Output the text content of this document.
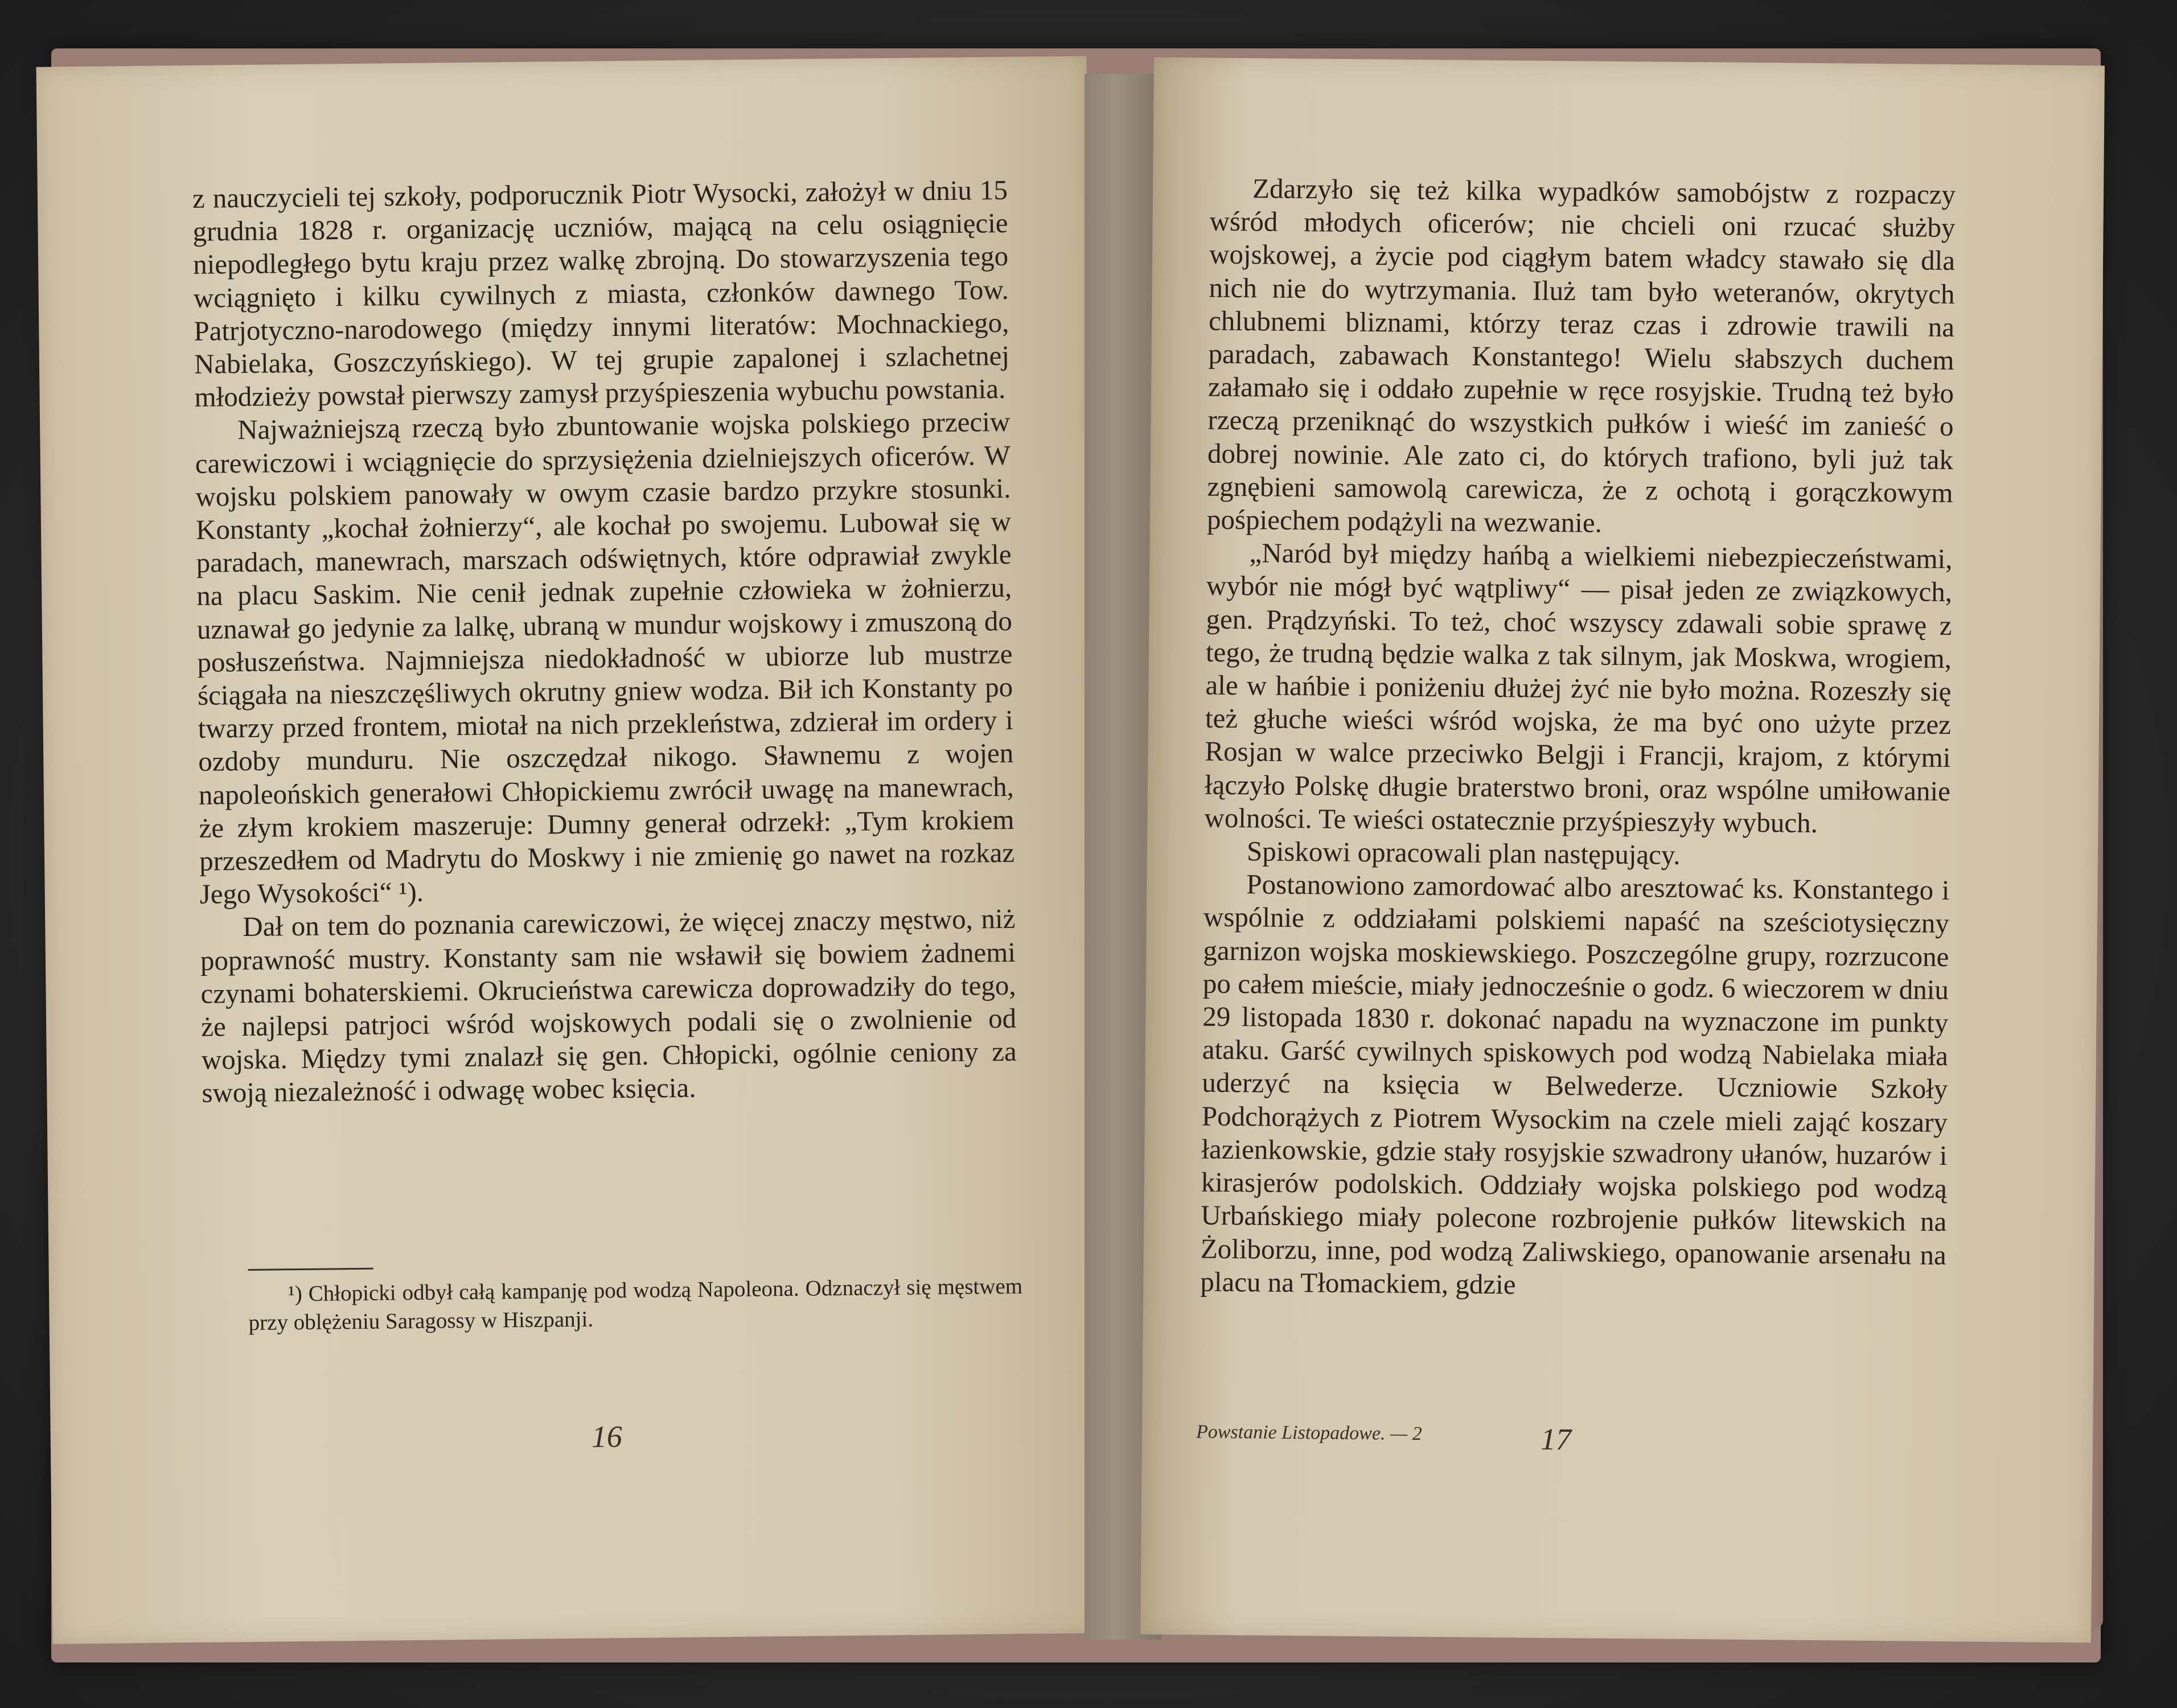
z nauczycieli tej szkoły, podporucznik Piotr Wysocki, założył w dniu 15 grudnia 1828 r. organizację uczniów, mającą na celu osiągnięcie niepodległego bytu kraju przez walkę zbrojną. Do stowarzyszenia tego wciągnięto i kilku cywilnych z miasta, członków dawnego Tow. Patrjotyczno-narodowego (między innymi literatów: Mochnackiego, Nabielaka, Goszczyńskiego). W tej grupie zapalonej i szlachetnej młodzieży powstał pierwszy zamysł przyśpieszenia wybuchu powstania.

Najważniejszą rzeczą było zbuntowanie wojska polskiego przeciw carewiczowi i wciągnięcie do sprzysiężenia dzielniejszych oficerów. W wojsku polskiem panowały w owym czasie bardzo przykre stosunki. Konstanty „kochał żołnierzy“, ale kochał po swojemu. Lubował się w paradach, manewrach, marszach odświętnych, które odprawiał zwykle na placu Saskim. Nie cenił jednak zupełnie człowieka w żołnierzu, uznawał go jedynie za lalkę, ubraną w mundur wojskowy i zmuszoną do posłuszeństwa. Najmniejsza niedokładność w ubiorze lub mustrze ściągała na nieszczęśliwych okrutny gniew wodza. Bił ich Konstanty po twarzy przed frontem, miotał na nich przekleństwa, zdzierał im ordery i ozdoby munduru. Nie oszczędzał nikogo. Sławnemu z wojen napoleońskich generałowi Chłopickiemu zwrócił uwagę na manewrach, że złym krokiem maszeruje: Dumny generał odrzekł: „Tym krokiem przeszedłem od Madrytu do Moskwy i nie zmienię go nawet na rozkaz Jego Wysokości“ ¹).

Dał on tem do poznania carewiczowi, że więcej znaczy męstwo, niż poprawność mustry. Konstanty sam nie wsławił się bowiem żadnemi czynami bohaterskiemi. Okrucieństwa carewicza doprowadziły do tego, że najlepsi patrjoci wśród wojskowych podali się o zwolnienie od wojska. Między tymi znalazł się gen. Chłopicki, ogólnie ceniony za swoją niezależność i odwagę wobec księcia.

¹) Chłopicki odbył całą kampanję pod wodzą Napoleona. Odznaczył się męstwem przy oblężeniu Saragossy w Hiszpanji.
16

Zdarzyło się też kilka wypadków samobójstw z rozpaczy wśród młodych oficerów; nie chcieli oni rzucać służby wojskowej, a życie pod ciągłym batem władcy stawało się dla nich nie do wytrzymania. Iluż tam było weteranów, okrytych chlubnemi bliznami, którzy teraz czas i zdrowie trawili na paradach, zabawach Konstantego! Wielu słabszych duchem załamało się i oddało zupełnie w ręce rosyjskie. Trudną też było rzeczą przeniknąć do wszystkich pułków i wieść im zanieść o dobrej nowinie. Ale zato ci, do których trafiono, byli już tak zgnębieni samowolą carewicza, że z ochotą i gorączkowym pośpiechem podążyli na wezwanie.

„Naród był między hańbą a wielkiemi niebezpieczeństwami, wybór nie mógł być wątpliwy“ — pisał jeden ze związkowych, gen. Prądzyński. To też, choć wszyscy zdawali sobie sprawę z tego, że trudną będzie walka z tak silnym, jak Moskwa, wrogiem, ale w hańbie i poniżeniu dłużej żyć nie było można. Rozeszły się też głuche wieści wśród wojska, że ma być ono użyte przez Rosjan w walce przeciwko Belgji i Francji, krajom, z którymi łączyło Polskę długie braterstwo broni, oraz wspólne umiłowanie wolności. Te wieści ostatecznie przyśpieszyły wybuch.

Spiskowi opracowali plan następujący.

Postanowiono zamordować albo aresztować ks. Konstantego i wspólnie z oddziałami polskiemi napaść na sześciotysięczny garnizon wojska moskiewskiego. Poszczególne grupy, rozrzucone po całem mieście, miały jednocześnie o godz. 6 wieczorem w dniu 29 listopada 1830 r. dokonać napadu na wyznaczone im punkty ataku. Garść cywilnych spiskowych pod wodzą Nabielaka miała uderzyć na księcia w Belwederze. Uczniowie Szkoły Podchorążych z Piotrem Wysockim na czele mieli zająć koszary łazienkowskie, gdzie stały rosyjskie szwadrony ułanów, huzarów i kirasjerów podolskich. Oddziały wojska polskiego pod wodzą Urbańskiego miały polecone rozbrojenie pułków litewskich na Żoliborzu, inne, pod wodzą Zaliwskiego, opanowanie arsenału na placu na Tłomackiem, gdzie

Powstanie Listopadowe. — 2	17
